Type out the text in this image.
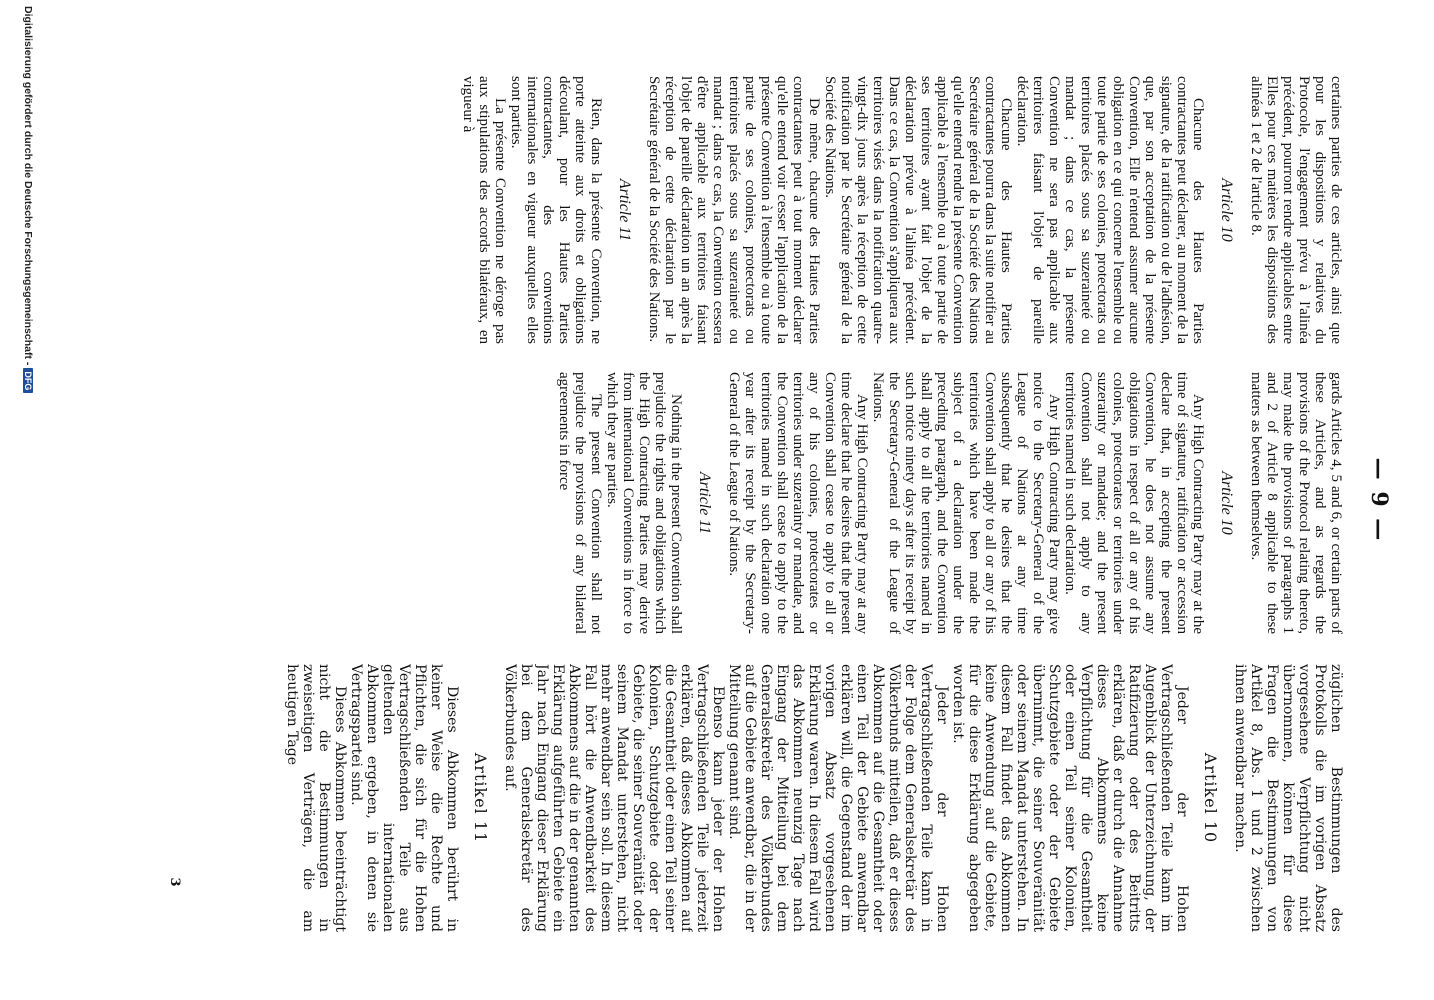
— 9 —

certaines parties de ces articles, ainsi que pour les dispositions y relatives du Protocole, l'engagement prévu à l'alinéa précédent, pourront rendre applicables entre Elles pour ces matières les dispositions des alinéas 1 et 2 de l'article 8.

Article 10

Chacune des Hautes Parties contractantes peut déclarer, au moment de la signature, de la ratification ou de l'adhésion, que, par son acceptation de la présente Convention, Elle n'entend assumer aucune obligation en ce qui concerne l'ensemble ou toute partie de ses colonies, protectorats ou territoires placés sous sa suzeraineté ou mandat ; dans ce cas, la présente Convention ne sera pas applicable aux territoires faisant l'objet de pareille déclaration.

Chacune des Hautes Parties contractantes pourra dans la suite notifier au Secrétaire général de la Société des Nations qu'elle entend rendre la présente Convention applicable à l'ensemble ou à toute partie de ses territoires ayant fait l'objet de la déclaration prévue à l'alinéa précédent. Dans ce cas, la Convention s'appliquera aux territoires visés dans la notification quatre-vingt-dix jours après la réception de cette notification par le Secrétaire général de la Société des Nations.

De même, chacune des Hautes Parties contractantes peut à tout moment déclarer qu'elle entend voir cesser l'application de la présente Convention à l'ensemble ou à toute partie de ses colonies, protectorats ou territoires placés sous sa suzeraineté ou mandat ; dans ce cas, la Convention cessera d'être applicable aux territoires faisant l'objet de pareille déclaration un an après la réception de cette déclaration par le Secrétaire général de la Société des Nations.

Article 11

Rien, dans la présente Convention, ne porte atteinte aux droits et obligations découlant, pour les Hautes Parties contractantes, des conventions internationales en vigueur auxquelles elles sont parties.

La présente Convention ne déroge pas aux stipulations des accords bilatéraux, en vigueur à

gards Articles 4, 5 and 6, or certain parts of these Articles, and as regards the provisions of the Protocol relating thereto, may make the provisions of paragraphs 1 and 2 of Article 8 applicable to these matters as between themselves.

Article 10

Any High Contracting Party may at the time of signature, ratification or accession declare that, in accepting the present Convention, he does not assume any obligations in respect of all or any of his colonies, protectorates or territories under suzerainty or mandate; and the present Convention shall not apply to any territories named in such declaration.

Any High Contracting Party may give notice to the Secretary-General of the League of Nations at any time subsequently that he desires that the Convention shall apply to all or any of his territories which have been made the subject of a declaration under the preceding paragraph, and the Convention shall apply to all the territories named in such notice ninety days after its receipt by the Secretary-General of the League of Nations.

Any High Contracting Party may at any time declare that he desires that the present Convention shall cease to apply to all or any of his colonies, protectorates or territories under suzerainty or mandate, and the Convention shall cease to apply to the territories named in such declaration one year after its receipt by the Secretary-General of the League of Nations.

Article 11

Nothing in the present Convention shall prejudice the rights and obligations which the High Contracting Parties may derive from international Conventions in force to which they are parties.

The present Convention shall not prejudice the provisions of any bilateral agreements in force

züglichen Bestimmungen des Protokolls die im vorigen Absatz vorgesehene Verpflichtung nicht übernommen, können für diese Fragen die Bestimmungen von Artikel 8, Abs. 1 und 2 zwischen ihnen anwendbar machen.

Artikel 10

Jeder der Hohen Vertragschließenden Teile kann im Augenblick der Unterzeichnung, der Ratifizierung oder des Beitritts erklären, daß er durch die Annahme dieses Abkommens keine Verpflichtung für die Gesamtheit oder einen Teil seiner Kolonien, Schutzgebiete oder der Gebiete übernimmt, die seiner Souveränität oder seinem Mandat unterstehen. In diesem Fall findet das Abkommen keine Anwendung auf die Gebiete, für die diese Erklärung abgegeben worden ist.

Jeder der Hohen Vertragschließenden Teile kann in der Folge dem Generalsekretär des Völkerbunds mitteilen, daß er dieses Abkommen auf die Gesamtheit oder einen Teil der Gebiete anwendbar erklären will, die Gegenstand der im vorigen Absatz vorgesehenen Erklärung waren. In diesem Fall wird das Abkommen neunzig Tage nach Eingang der Mitteilung bei dem Generalsekretär des Völkerbundes auf die Gebiete anwendbar, die in der Mitteilung genannt sind.

Ebenso kann jeder der Hohen Vertragschließenden Teile jederzeit erklären, daß dieses Abkommen auf die Gesamtheit oder einen Teil seiner Kolonien, Schutzgebiete oder der Gebiete, die seiner Souveränität oder seinem Mandat unterstehen, nicht mehr anwendbar sein soll. In diesem Fall hört die Anwendbarkeit des Abkommens auf die in der genannten Erklärung aufgeführten Gebiete ein Jahr nach Eingang dieser Erklärung bei dem Generalsekretär des Völkerbundes auf.

Artikel 11

Dieses Abkommen berührt in keiner Weise die Rechte und Pflichten, die sich für die Hohen Vertragschließenden Teile aus geltenden internationalen Abkommen ergeben, in denen sie Vertragspartei sind.

Dieses Abkommen beeinträchtigt nicht die Bestimmungen in zweiseitigen Verträgen, die am heutigen Tage

3
Digitalisierung gefördert durch die Deutsche Forschungsgemeinschaft -DFG
